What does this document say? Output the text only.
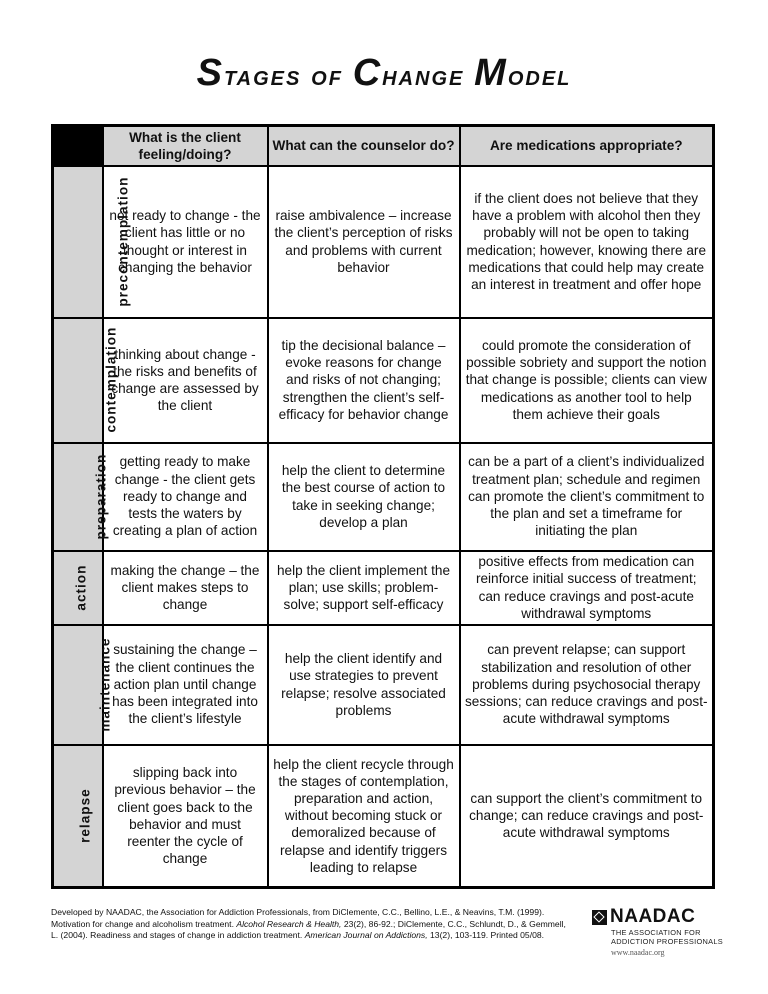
Stages of Change Model
	What is the client feeling/doing?	What can the counselor do?	Are medications appropriate?
precontemplation	not ready to change - the client has little or no thought or interest in changing the behavior	raise ambivalence – increase the client’s perception of risks and problems with current behavior	if the client does not believe that they have a problem with alcohol then they probably will not be open to taking medication; however, knowing there are medications that could help may create an interest in treatment and offer hope
contemplation	thinking about change - the risks and benefits of change are assessed by the client	tip the decisional balance – evoke reasons for change and risks of not changing; strengthen the client’s self-efficacy for behavior change	could promote the consideration of possible sobriety and support the notion that change is possible; clients can view medications as another tool to help them achieve their goals
preparation	getting ready to make change - the client gets ready to change and tests the waters by creating a plan of action	help the client to determine the best course of action to take in seeking change; develop a plan	can be a part of a client’s individualized treatment plan; schedule and regimen can promote the client’s commitment to the plan and set a timeframe for initiating the plan
action	making the change – the client makes steps to change	help the client implement the plan; use skills; problem-solve; support self-efficacy	positive effects from medication can reinforce initial success of treatment; can reduce cravings and post-acute withdrawal symptoms
maintenance	sustaining the change – the client continues the action plan until change has been integrated into the client’s lifestyle	help the client identify and use strategies to prevent relapse; resolve associated problems	can prevent relapse; can support stabilization and resolution of other problems during psychosocial therapy sessions; can reduce cravings and post-acute withdrawal symptoms
relapse	slipping back into previous behavior – the client goes back to the behavior and must reenter the cycle of change	help the client recycle through the stages of contemplation, preparation and action, without becoming stuck or demoralized because of relapse and identify triggers leading to relapse	can support the client’s commitment to change; can reduce cravings and post-acute withdrawal symptoms
Developed by NAADAC, the Association for Addiction Professionals, from DiClemente, C.C., Bellino, L.E., & Neavins, T.M. (1999). Motivation for change and alcoholism treatment. Alcohol Research & Health, 23(2), 86-92.; DiClemente, C.C., Schlundt, D., & Gemmell, L. (2004). Readiness and stages of change in addiction treatment. American Journal on Addictions, 13(2), 103-119. Printed 05/08.
NAADAC
THE ASSOCIATION FOR
ADDICTION PROFESSIONALS
www.naadac.org
